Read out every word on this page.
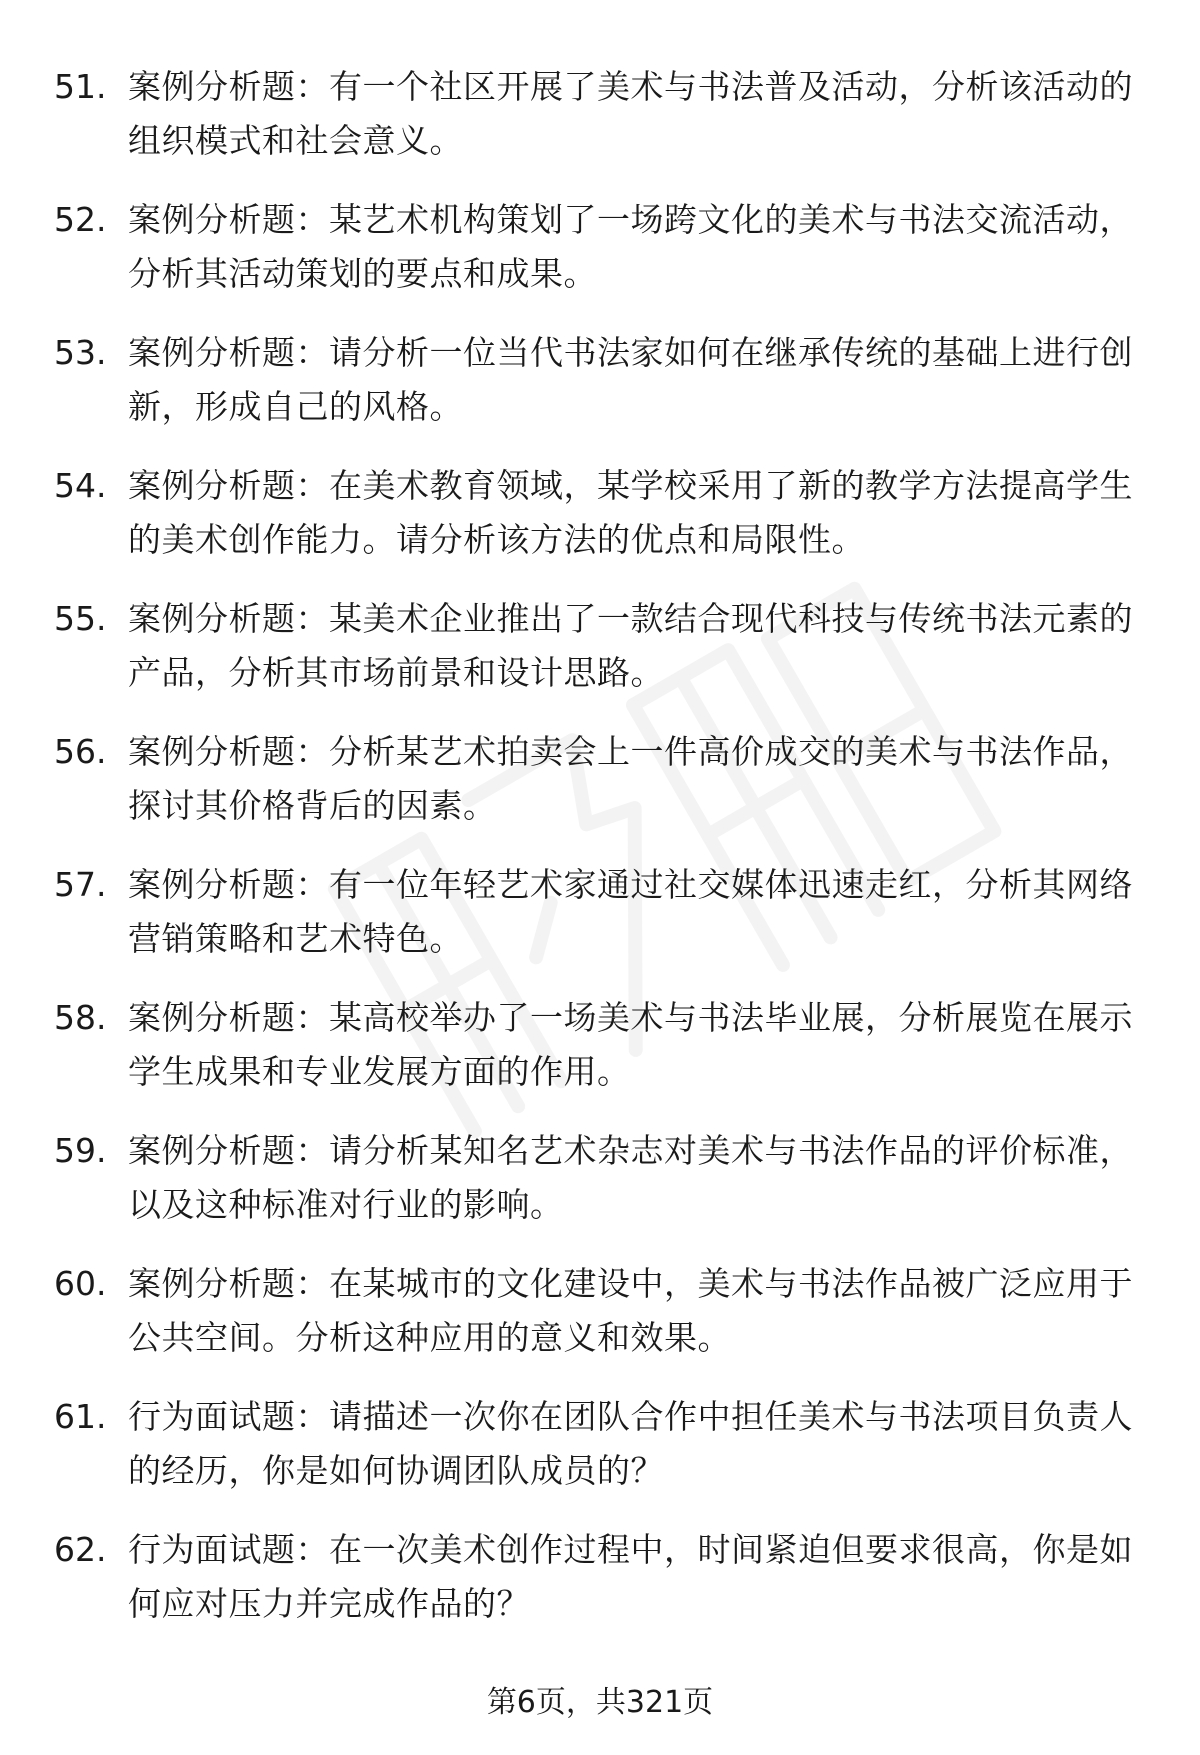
51. 案例分析题：有一个社区开展了美术与书法普及活动，分析该活动的组织模式和社会意义。
52. 案例分析题：某艺术机构策划了一场跨文化的美术与书法交流活动，分析其活动策划的要点和成果。
53. 案例分析题：请分析一位当代书法家如何在继承传统的基础上进行创新，形成自己的风格。
54. 案例分析题：在美术教育领域，某学校采用了新的教学方法提高学生的美术创作能力。请分析该方法的优点和局限性。
55. 案例分析题：某美术企业推出了一款结合现代科技与传统书法元素的产品，分析其市场前景和设计思路。
56. 案例分析题：分析某艺术拍卖会上一件高价成交的美术与书法作品，探讨其价格背后的因素。
57. 案例分析题：有一位年轻艺术家通过社交媒体迅速走红，分析其网络营销策略和艺术特色。
58. 案例分析题：某高校举办了一场美术与书法毕业展，分析展览在展示学生成果和专业发展方面的作用。
59. 案例分析题：请分析某知名艺术杂志对美术与书法作品的评价标准，以及这种标准对行业的影响。
60. 案例分析题：在某城市的文化建设中，美术与书法作品被广泛应用于公共空间。分析这种应用的意义和效果。
61. 行为面试题：请描述一次你在团队合作中担任美术与书法项目负责人的经历，你是如何协调团队成员的？
62. 行为面试题：在一次美术创作过程中，时间紧迫但要求很高，你是如何应对压力并完成作品的？
第6页，共321页
